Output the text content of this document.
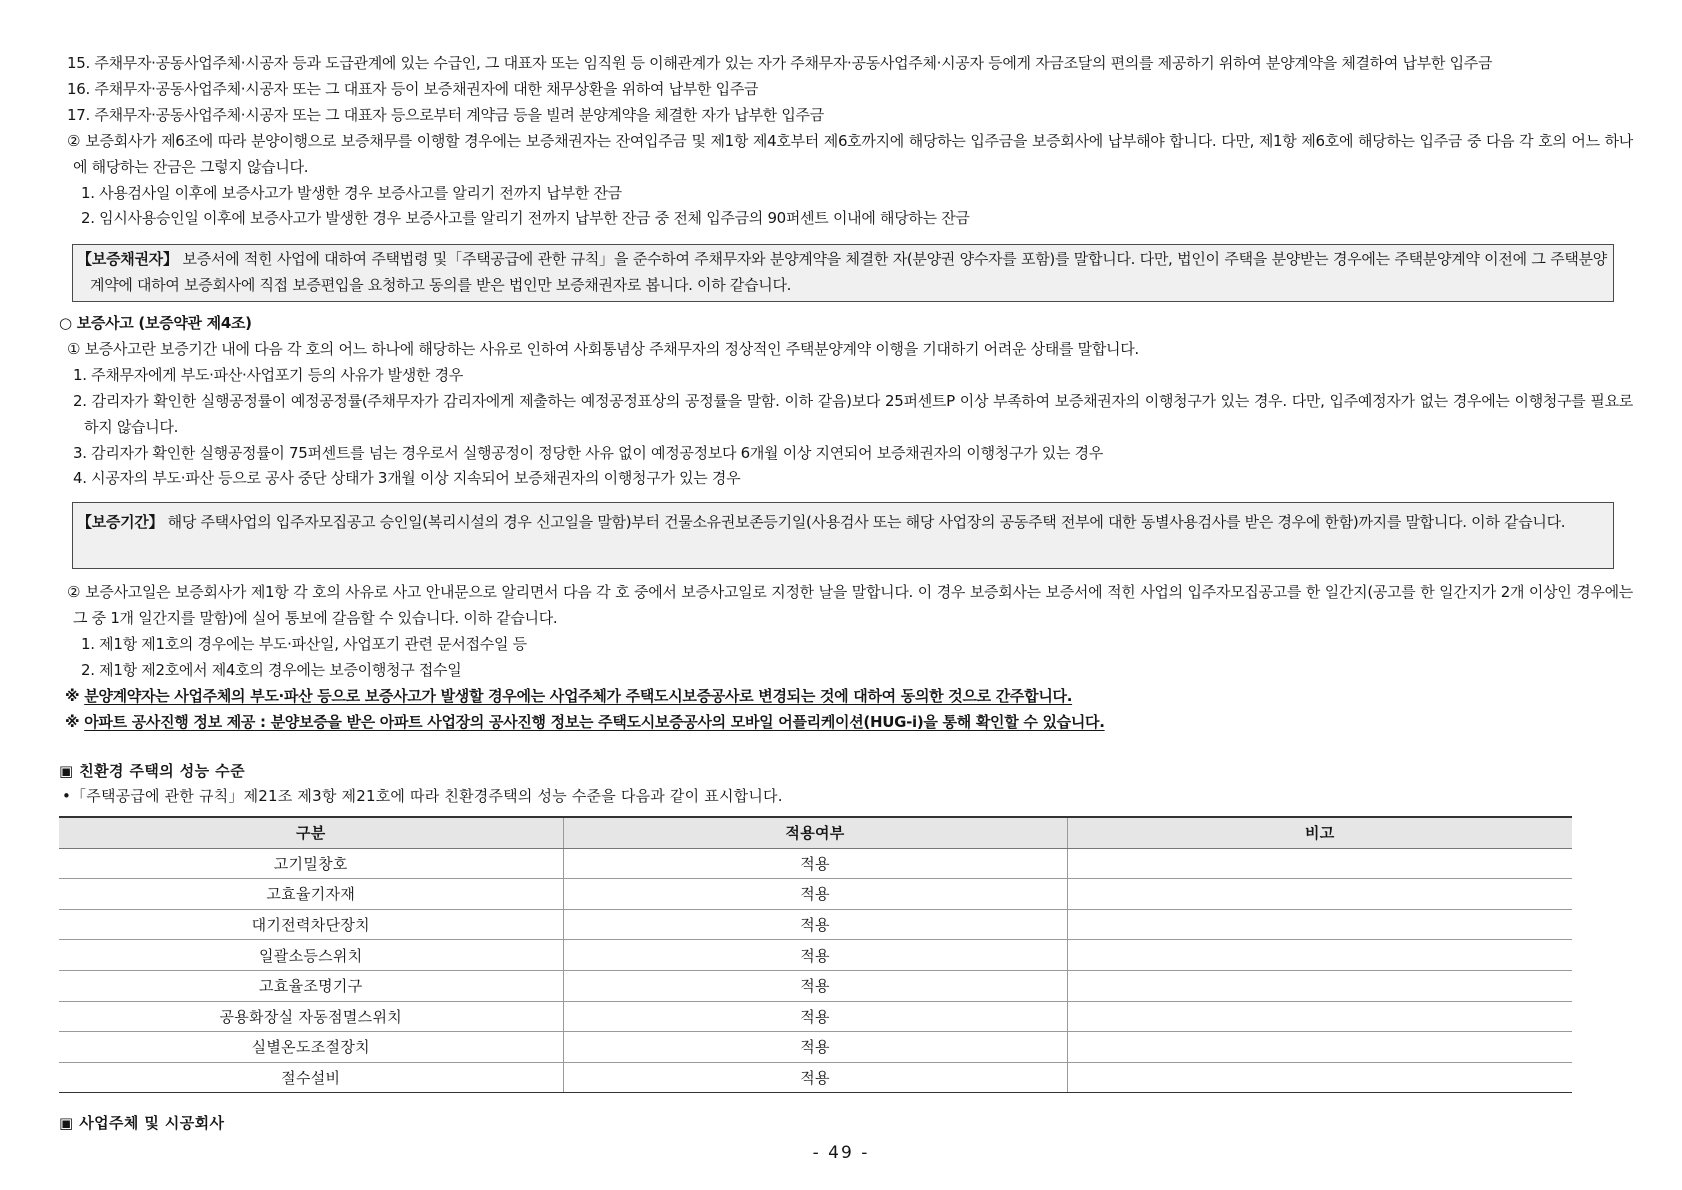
15. 주채무자·공동사업주체·시공자 등과 도급관계에 있는 수급인, 그 대표자 또는 임직원 등 이해관계가 있는 자가 주채무자·공동사업주체·시공자 등에게 자금조달의 편의를 제공하기 위하여 분양계약을 체결하여 납부한 입주금
16. 주채무자·공동사업주체·시공자 또는 그 대표자 등이 보증채권자에 대한 채무상환을 위하여 납부한 입주금
17. 주채무자·공동사업주체·시공자 또는 그 대표자 등으로부터 계약금 등을 빌려 분양계약을 체결한 자가 납부한 입주금
② 보증회사가 제6조에 따라 분양이행으로 보증채무를 이행할 경우에는 보증채권자는 잔여입주금 및 제1항 제4호부터 제6호까지에 해당하는 입주금을 보증회사에 납부해야 합니다. 다만, 제1항 제6호에 해당하는 입주금 중 다음 각 호의 어느 하나에 해당하는 잔금은 그렇지 않습니다.
1. 사용검사일 이후에 보증사고가 발생한 경우 보증사고를 알리기 전까지 납부한 잔금
2. 임시사용승인일 이후에 보증사고가 발생한 경우 보증사고를 알리기 전까지 납부한 잔금 중 전체 입주금의 90퍼센트 이내에 해당하는 잔금
【보증채권자】 보증서에 적힌 사업에 대하여 주택법령 및「주택공급에 관한 규칙」을 준수하여 주채무자와 분양계약을 체결한 자(분양권 양수자를 포함)를 말합니다. 다만, 법인이 주택을 분양받는 경우에는 주택분양계약 이전에 그 주택분양계약에 대하여 보증회사에 직접 보증편입을 요청하고 동의를 받은 법인만 보증채권자로 봅니다. 이하 같습니다.
○ 보증사고 (보증약관 제4조)
① 보증사고란 보증기간 내에 다음 각 호의 어느 하나에 해당하는 사유로 인하여 사회통념상 주채무자의 정상적인 주택분양계약 이행을 기대하기 어려운 상태를 말합니다.
1. 주채무자에게 부도·파산·사업포기 등의 사유가 발생한 경우
2. 감리자가 확인한 실행공정률이 예정공정률(주채무자가 감리자에게 제출하는 예정공정표상의 공정률을 말함. 이하 같음)보다 25퍼센트P 이상 부족하여 보증채권자의 이행청구가 있는 경우. 다만, 입주예정자가 없는 경우에는 이행청구를 필요로 하지 않습니다.
3. 감리자가 확인한 실행공정률이 75퍼센트를 넘는 경우로서 실행공정이 정당한 사유 없이 예정공정보다 6개월 이상 지연되어 보증채권자의 이행청구가 있는 경우
4. 시공자의 부도·파산 등으로 공사 중단 상태가 3개월 이상 지속되어 보증채권자의 이행청구가 있는 경우
【보증기간】 해당 주택사업의 입주자모집공고 승인일(복리시설의 경우 신고일을 말함)부터 건물소유권보존등기일(사용검사 또는 해당 사업장의 공동주택 전부에 대한 동별사용검사를 받은 경우에 한함)까지를 말합니다. 이하 같습니다.
② 보증사고일은 보증회사가 제1항 각 호의 사유로 사고 안내문으로 알리면서 다음 각 호 중에서 보증사고일로 지정한 날을 말합니다. 이 경우 보증회사는 보증서에 적힌 사업의 입주자모집공고를 한 일간지(공고를 한 일간지가 2개 이상인 경우에는 그 중 1개 일간지를 말함)에 실어 통보에 갈음할 수 있습니다. 이하 같습니다.
1. 제1항 제1호의 경우에는 부도·파산일, 사업포기 관련 문서접수일 등
2. 제1항 제2호에서 제4호의 경우에는 보증이행청구 접수일
※ 분양계약자는 사업주체의 부도·파산 등으로 보증사고가 발생할 경우에는 사업주체가 주택도시보증공사로 변경되는 것에 대하여 동의한 것으로 간주합니다.
※ 아파트 공사진행 정보 제공 : 분양보증을 받은 아파트 사업장의 공사진행 정보는 주택도시보증공사의 모바일 어플리케이션(HUG-i)을 통해 확인할 수 있습니다.
▣ 친환경 주택의 성능 수준
•「주택공급에 관한 규칙」제21조 제3항 제21호에 따라 친환경주택의 성능 수준을 다음과 같이 표시합니다.
구분	적용여부	비고
고기밀창호	적용	
고효율기자재	적용	
대기전력차단장치	적용	
일괄소등스위치	적용	
고효율조명기구	적용	
공용화장실 자동점멸스위치	적용	
실별온도조절장치	적용	
절수설비	적용	
▣ 사업주체 및 시공회사
- 49 -
